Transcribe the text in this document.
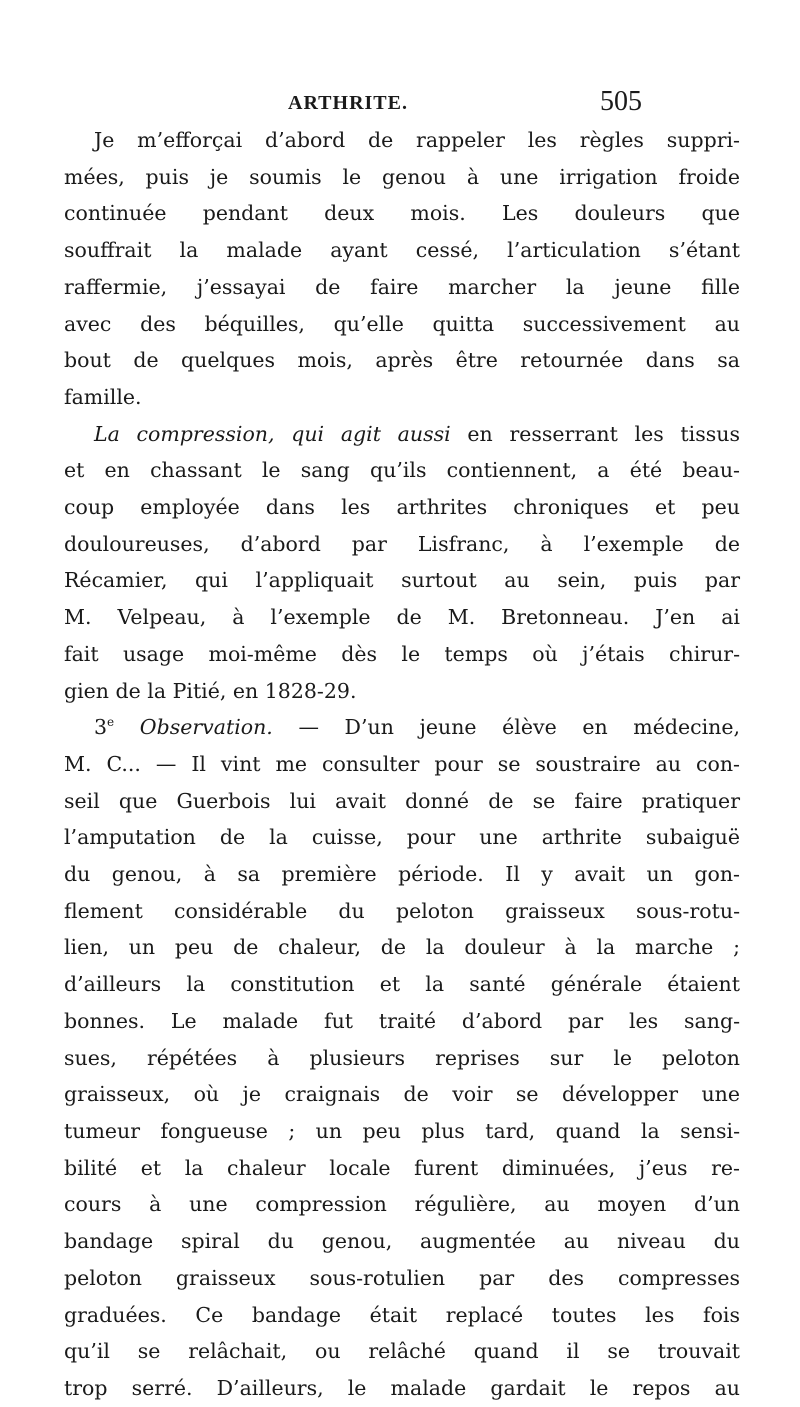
ARTHRITE.	505
Je m’efforçai d’abord de rappeler les règles suppri-
mées, puis je soumis le genou à une irrigation froide
continuée pendant deux mois. Les douleurs que
souffrait la malade ayant cessé, l’articulation s’étant
raffermie, j’essayai de faire marcher la jeune fille
avec des béquilles, qu’elle quitta successivement au
bout de quelques mois, après être retournée dans sa
famille.
La compression, qui agit aussi en resserrant les tissus
et en chassant le sang qu’ils contiennent, a été beau-
coup employée dans les arthrites chroniques et peu
douloureuses, d’abord par Lisfranc, à l’exemple de
Récamier, qui l’appliquait surtout au sein, puis par
M. Velpeau, à l’exemple de M. Bretonneau. J’en ai
fait usage moi-même dès le temps où j’étais chirur-
gien de la Pitié, en 1828-29.
3e Observation. — D’un jeune élève en médecine,
M. C... — Il vint me consulter pour se soustraire au con-
seil que Guerbois lui avait donné de se faire pratiquer
l’amputation de la cuisse, pour une arthrite subaiguë
du genou, à sa première période. Il y avait un gon-
flement considérable du peloton graisseux sous-rotu-
lien, un peu de chaleur, de la douleur à la marche ;
d’ailleurs la constitution et la santé générale étaient
bonnes. Le malade fut traité d’abord par les sang-
sues, répétées à plusieurs reprises sur le peloton
graisseux, où je craignais de voir se développer une
tumeur fongueuse ; un peu plus tard, quand la sensi-
bilité et la chaleur locale furent diminuées, j’eus re-
cours à une compression régulière, au moyen d’un
bandage spiral du genou, augmentée au niveau du
peloton graisseux sous-rotulien par des compresses
graduées. Ce bandage était replacé toutes les fois
qu’il se relâchait, ou relâché quand il se trouvait
trop serré. D’ailleurs, le malade gardait le repos au
